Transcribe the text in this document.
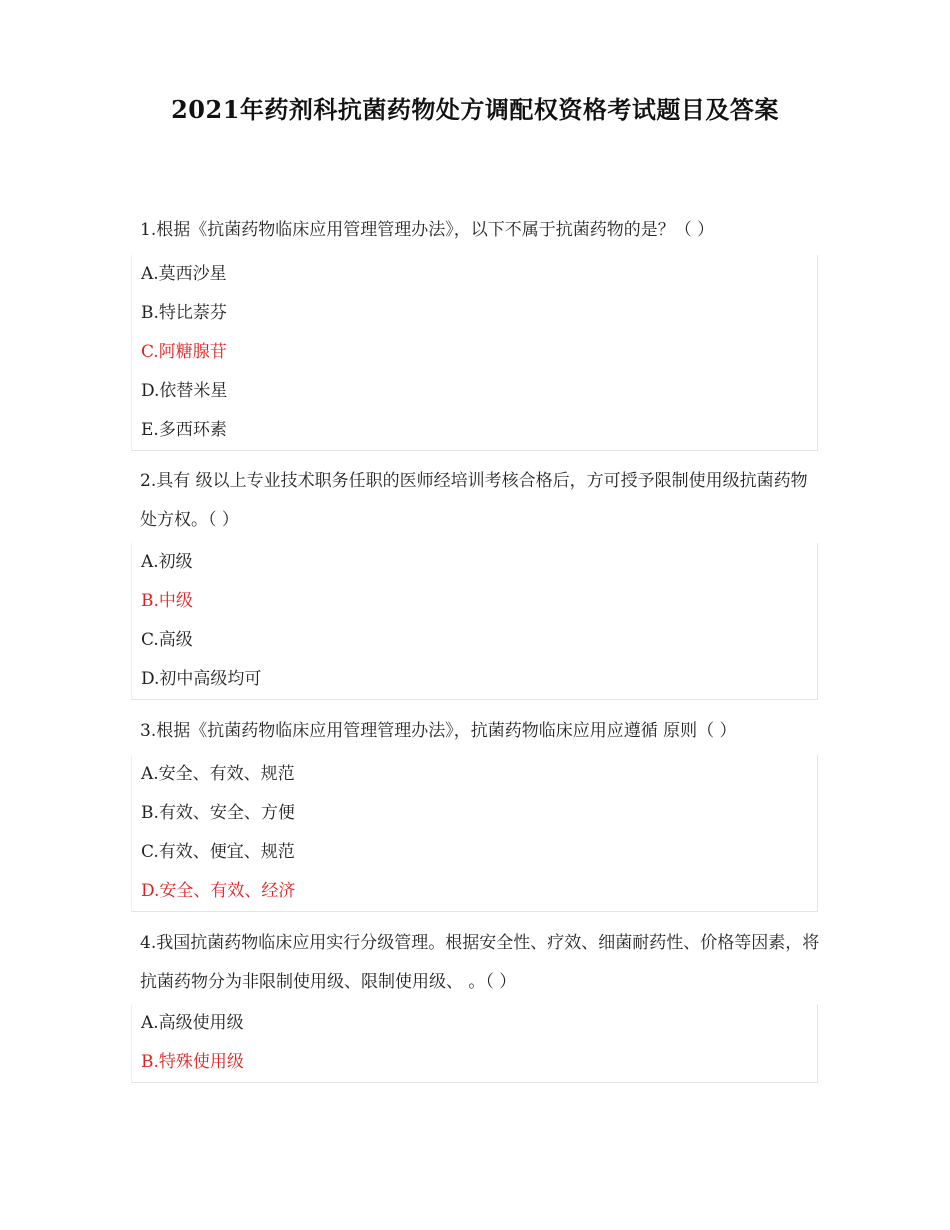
2021年药剂科抗菌药物处方调配权资格考试题目及答案
1.根据《抗菌药物临床应用管理管理办法》，以下不属于抗菌药物的是？（ ）
A.莫西沙星
B.特比萘芬
C.阿糖腺苷
D.依替米星
E.多西环素
2.具有 级以上专业技术职务任职的医师经培训考核合格后，方可授予限制使用级抗菌药物处方权。（ ）
A.初级
B.中级
C.高级
D.初中高级均可
3.根据《抗菌药物临床应用管理管理办法》，抗菌药物临床应用应遵循 原则（ ）
A.安全、有效、规范
B.有效、安全、方便
C.有效、便宜、规范
D.安全、有效、经济
4.我国抗菌药物临床应用实行分级管理。根据安全性、疗效、细菌耐药性、价格等因素，将抗菌药物分为非限制使用级、限制使用级、 。（ ）
A.高级使用级
B.特殊使用级
